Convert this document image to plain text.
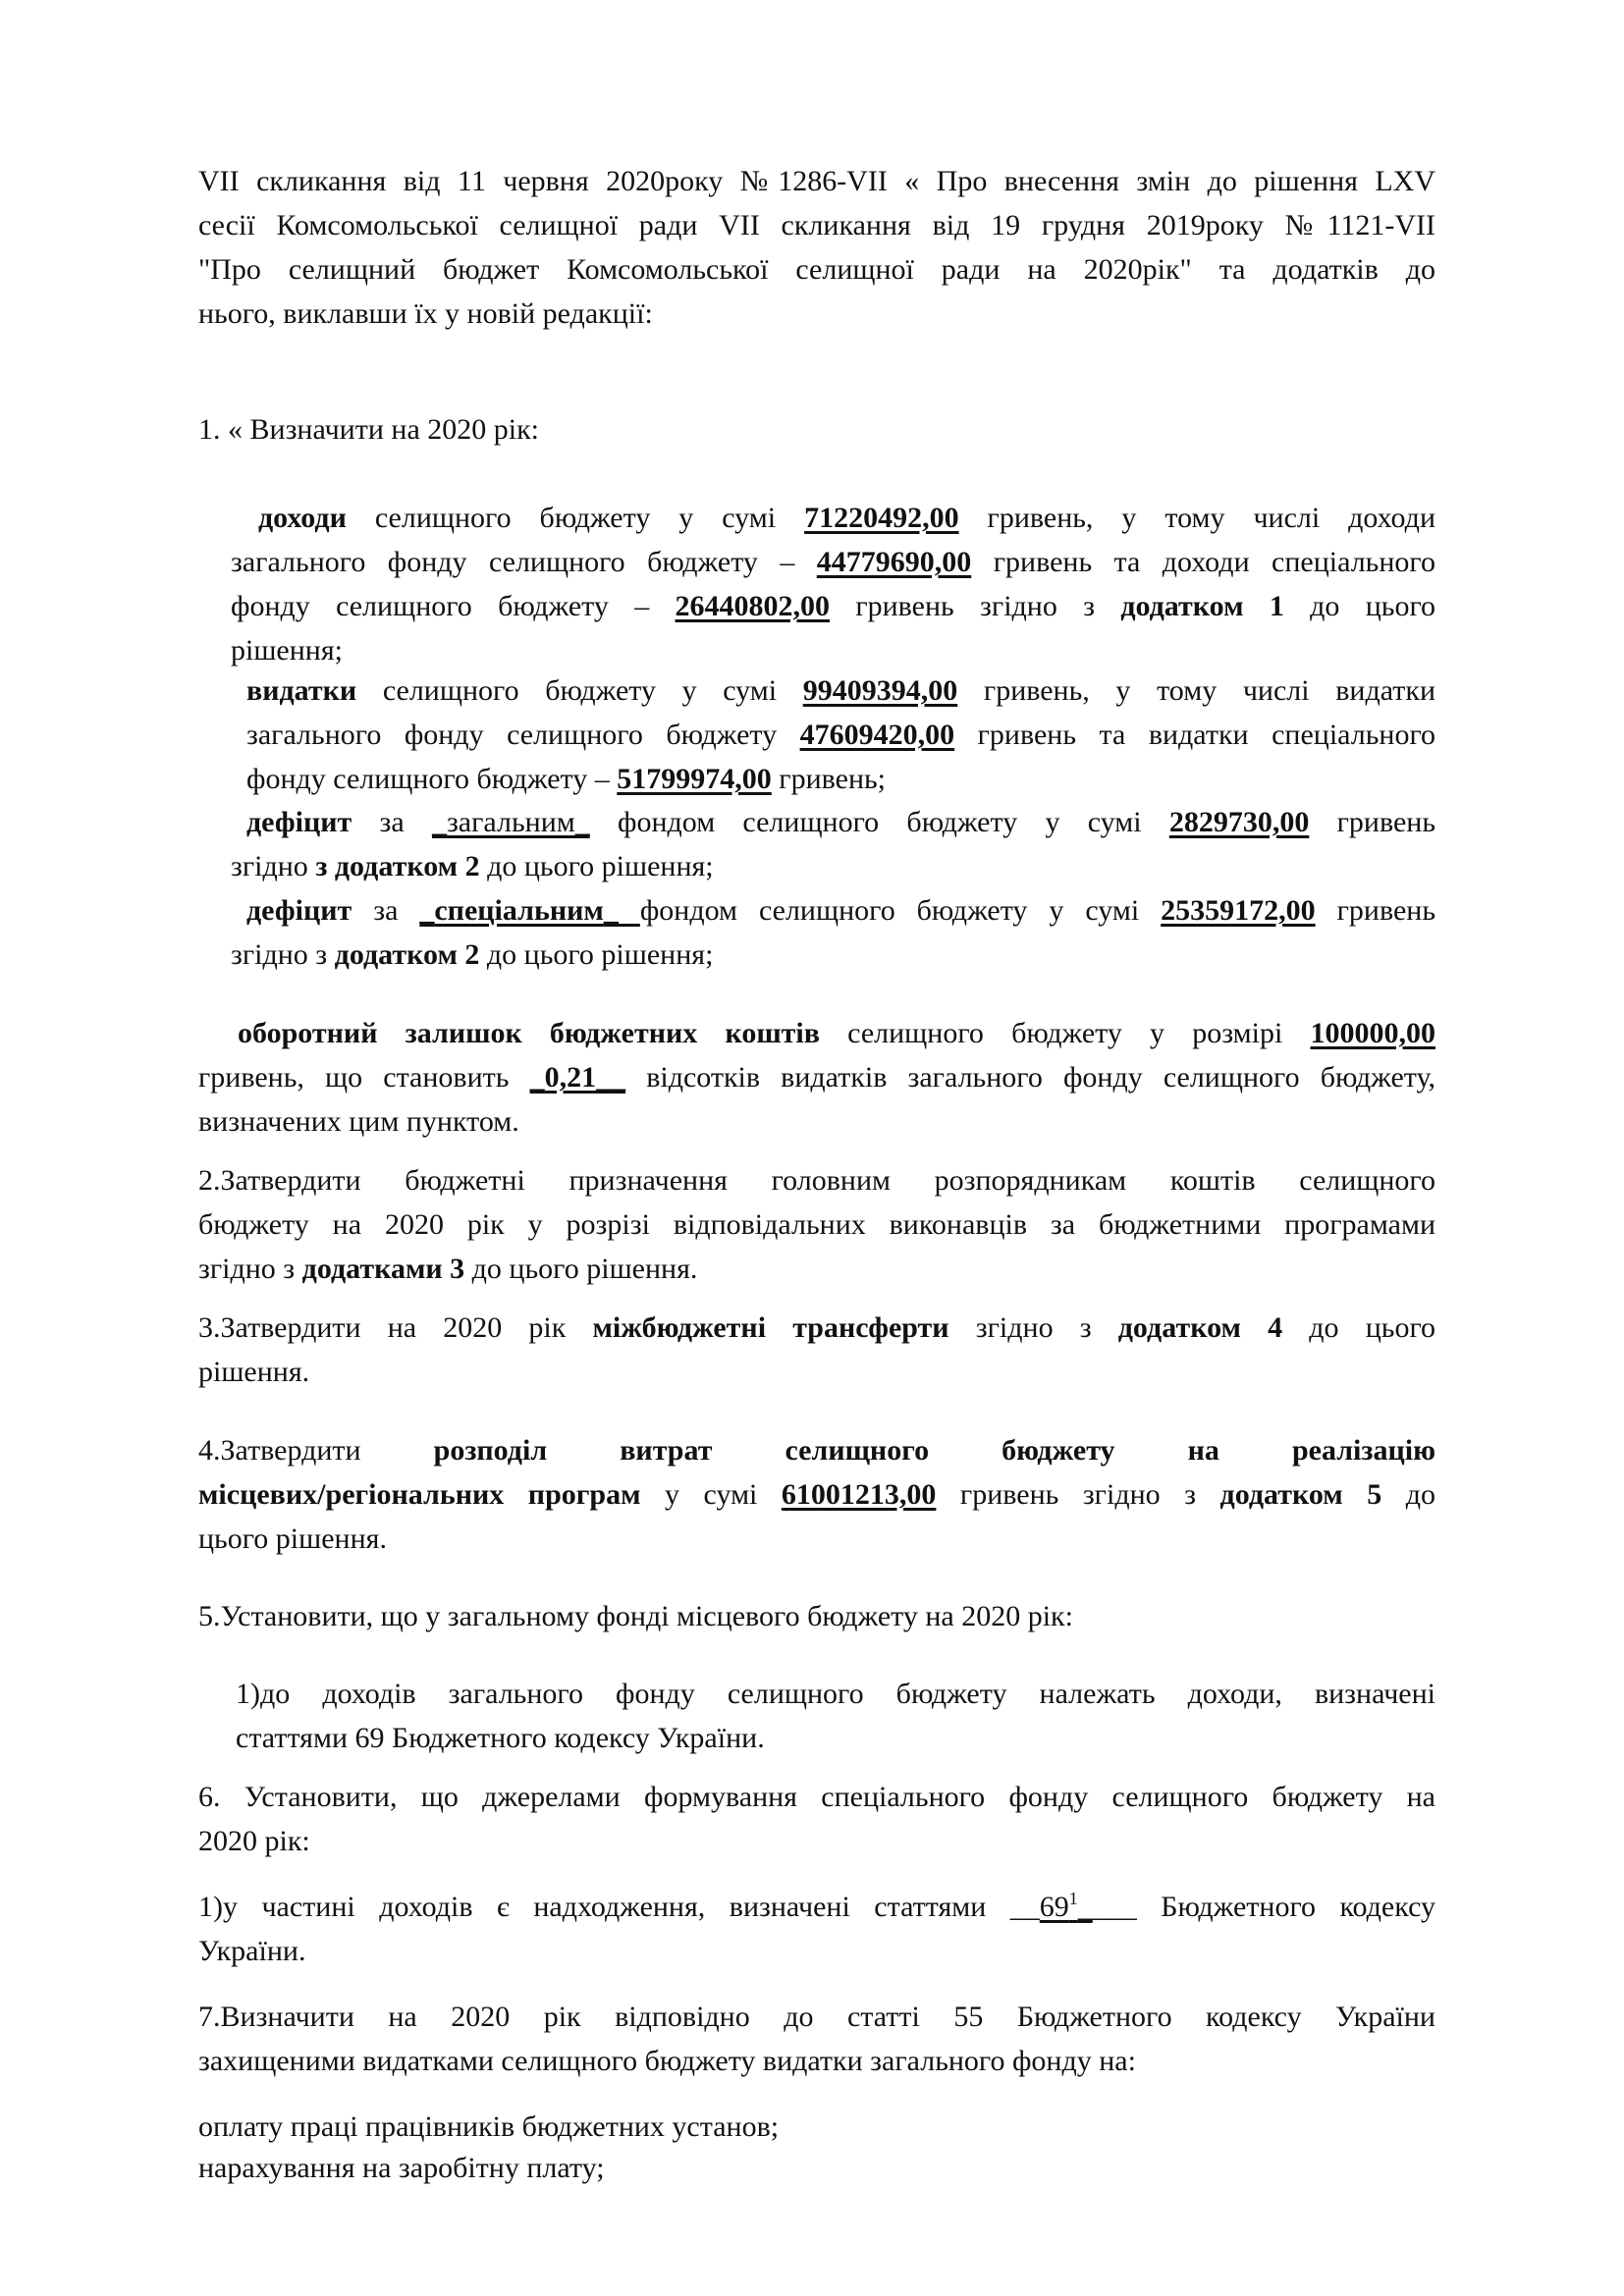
VII скликання від 11 червня 2020року №1286-VII « Про внесення змін до рішення LXV
сесії Комсомольської селищної ради VII скликання від 19 грудня 2019року №1121-VII
"Про селищний бюджет Комсомольської селищної ради на 2020рік" та додатків до
нього, виклавши їх у новій редакції:
1. « Визначити на 2020 рік:
доходи селищного бюджету у сумі 71220492,00 гривень, у тому числі доходи
загального фонду селищного бюджету – 44779690,00 гривень та доходи спеціального
фонду селищного бюджету – 26440802,00 гривень згідно з додатком 1 до цього
рішення;
видатки селищного бюджету у сумі 99409394,00 гривень, у тому числі видатки
загального фонду селищного бюджету 47609420,00 гривень та видатки спеціального
фонду селищного бюджету – 51799974,00 гривень;
дефіцит за _загальним_ фондом селищного бюджету у сумі 2829730,00 гривень
згідно з додатком 2 до цього рішення;
дефіцит за _спеціальним_ фондом селищного бюджету у сумі 25359172,00 гривень
згідно з додатком 2 до цього рішення;
оборотний залишок бюджетних коштів селищного бюджету у розмірі 100000,00
гривень, що становить _0,21__ відсотків видатків загального фонду селищного бюджету,
визначених цим пунктом.
2.Затвердити бюджетні призначення головним розпорядникам коштів селищного
бюджету на 2020 рік у розрізі відповідальних виконавців за бюджетними програмами
згідно з додатками 3 до цього рішення.
3.Затвердити на 2020 рік міжбюджетні трансферти згідно з додатком 4 до цього
рішення.
4.Затвердити розподіл витрат селищного бюджету на реалізацію
місцевих/регіональних програм у сумі 61001213,00 гривень згідно з додатком 5 до
цього рішення.
5.Установити, що у загальному фонді місцевого бюджету на 2020 рік:
1)до доходів загального фонду селищного бюджету належать доходи, визначені
статтями 69 Бюджетного кодексу України.
6. Установити, що джерелами формування спеціального фонду селищного бюджету на
2020 рік:
1)у частині доходів є надходження, визначені статтями $\_\_69^1\_\_\_\_$ Бюджетного кодексу
України.
7.Визначити на 2020 рік відповідно до статті 55 Бюджетного кодексу України
захищеними видатками селищного бюджету видатки загального фонду на:
оплату праці працівників бюджетних установ;
нарахування на заробітну плату;
